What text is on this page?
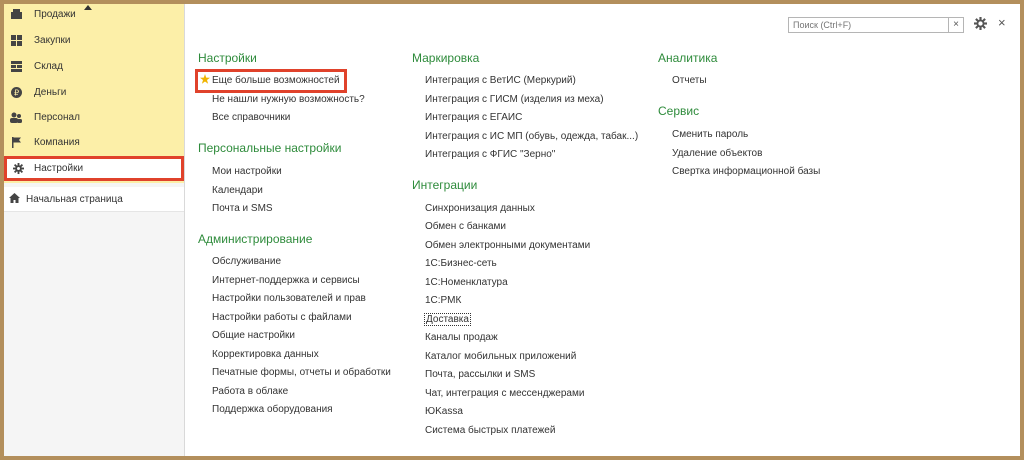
Продажи
Закупки
Склад
₽ Деньги
Персонал
Компания
Настройки
Начальная страница
Поиск (Ctrl+F)
×	×
Настройки
Еще больше возможностей
Не нашли нужную возможность?
Все справочники
Персональные настройки
Мои настройки
Календари
Почта и SMS
Администрирование
Обслуживание
Интернет-поддержка и сервисы
Настройки пользователей и прав
Настройки работы с файлами
Общие настройки
Корректировка данных
Печатные формы, отчеты и обработки
Работа в облаке
Поддержка оборудования
Маркировка
Интеграция с ВетИС (Меркурий)
Интеграция с ГИСМ (изделия из меха)
Интеграция с ЕГАИС
Интеграция с ИС МП (обувь, одежда, табак...)
Интеграция с ФГИС "Зерно"
Интеграции
Синхронизация данных
Обмен с банками
Обмен электронными документами
1С:Бизнес-сеть
1С:Номенклатура
1С:РМК
Доставка
Каналы продаж
Каталог мобильных приложений
Почта, рассылки и SMS
Чат, интеграция с мессенджерами
ЮKassa
Система быстрых платежей
Аналитика
Отчеты
Сервис
Сменить пароль
Удаление объектов
Свертка информационной базы
